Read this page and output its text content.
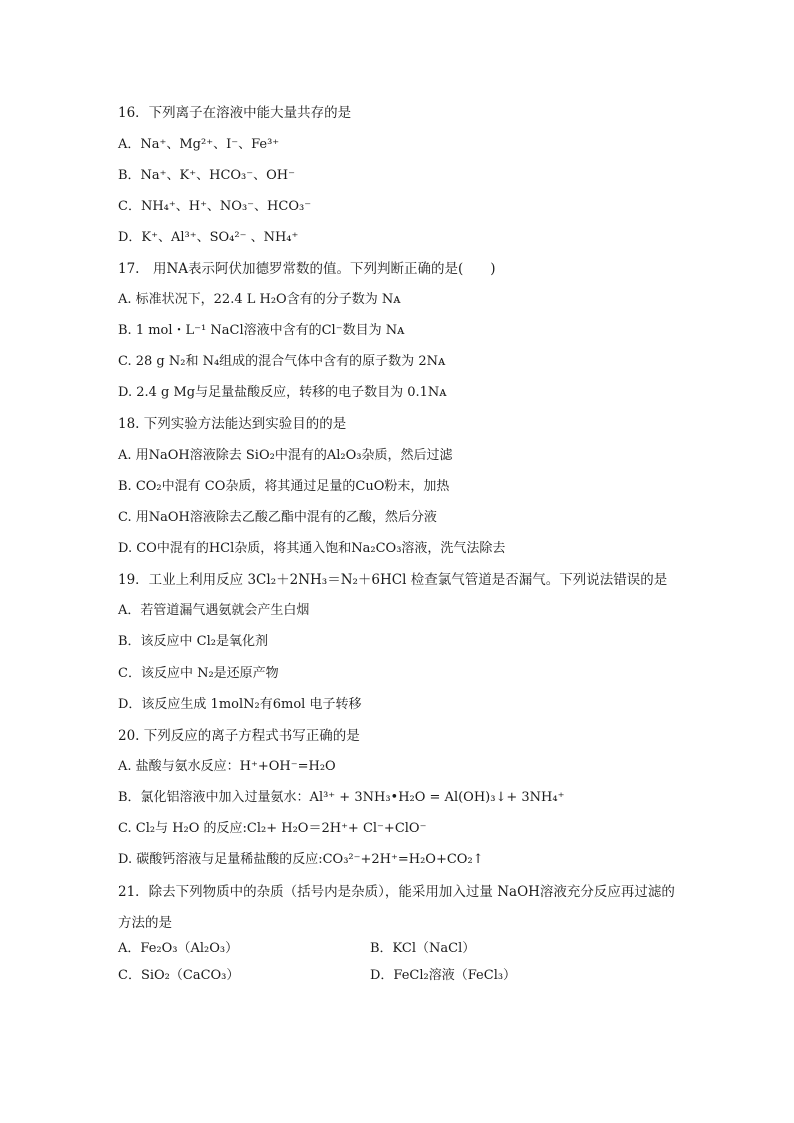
16．下列离子在溶液中能大量共存的是
A．Na⁺、Mg²⁺、I⁻、Fe³⁺
B．Na⁺、K⁺、HCO₃⁻、OH⁻
C．NH₄⁺、H⁺、NO₃⁻、HCO₃⁻
D．K⁺、Al³⁺、SO₄²⁻ 、NH₄⁺
17.　用NA表示阿伏加德罗常数的值。下列判断正确的是(　　)
A. 标准状况下，22.4 L H₂O含有的分子数为 Nᴀ
B. 1 mol・L⁻¹ NaCl溶液中含有的Cl⁻数目为 Nᴀ
C. 28 g N₂和 N₄组成的混合气体中含有的原子数为 2Nᴀ
D. 2.4 g Mg与足量盐酸反应，转移的电子数目为 0.1Nᴀ
18. 下列实验方法能达到实验目的的是
A. 用NaOH溶液除去 SiO₂中混有的Al₂O₃杂质，然后过滤
B. CO₂中混有 CO杂质，将其通过足量的CuO粉末，加热
C. 用NaOH溶液除去乙酸乙酯中混有的乙酸，然后分液
D. CO中混有的HCl杂质，将其通入饱和Na₂CO₃溶液，洗气法除去
19．工业上利用反应 3Cl₂＋2NH₃＝N₂＋6HCl 检查氯气管道是否漏气。下列说法错误的是
A．若管道漏气遇氨就会产生白烟
B．该反应中 Cl₂是氧化剂
C．该反应中 N₂是还原产物
D．该反应生成 1molN₂有6mol 电子转移
20. 下列反应的离子方程式书写正确的是
A. 盐酸与氨水反应：H⁺+OH⁻=H₂O
B．氯化铝溶液中加入过量氨水：Al³⁺ + 3NH₃•H₂O = Al(OH)₃↓+ 3NH₄⁺
C. Cl₂与 H₂O 的反应:Cl₂+ H₂O＝2H⁺+ Cl⁻+ClO⁻
D. 碳酸钙溶液与足量稀盐酸的反应:CO₃²⁻+2H⁺=H₂O+CO₂↑
21．除去下列物质中的杂质（括号内是杂质），能采用加入过量 NaOH溶液充分反应再过滤的
方法的是
A．Fe₂O₃（Al₂O₃）	B．KCl（NaCl）
C．SiO₂（CaCO₃）	D．FeCl₂溶液（FeCl₃）
